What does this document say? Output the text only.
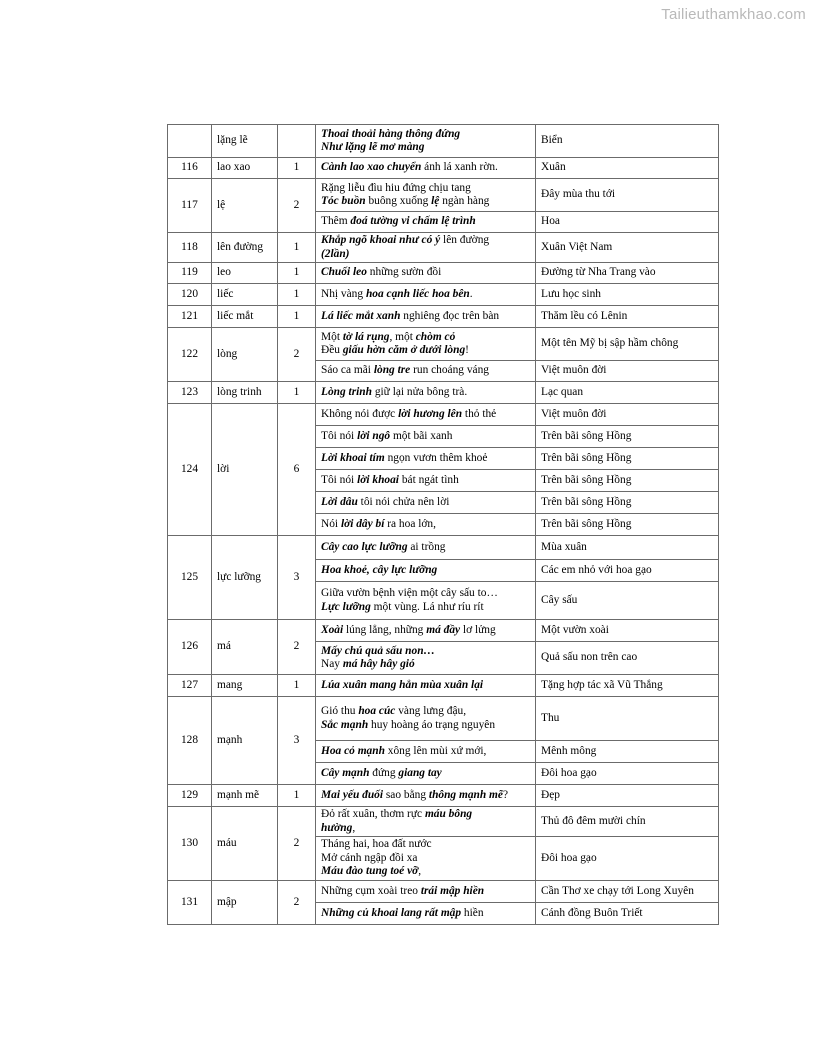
Tailieuthamkhao.com
	lặng lẽ		Thoai thoải hàng thông đứng
Như lặng lẽ mơ màng	Biển
116	lao xao	1	Cành lao xao chuyển ánh lá xanh rờn.	Xuân
117	lệ	2	Rặng liễu đìu hiu đứng chịu tang
Tóc buồn buông xuống lệ ngàn hàng	Đây mùa thu tới

			Thêm đoá tường vi chấm lệ trình	Hoa
118	lên đường	1	Khắp ngõ khoai như có ý lên đường
(2lần)	Xuân Việt Nam
119	leo	1	Chuối leo những sườn đồi	Đường từ Nha Trang vào
120	liếc	1	Nhị vàng hoa cạnh liếc hoa bên.	Lưu học sinh
121	liếc mắt	1	Lá liếc mắt xanh nghiêng đọc trên bàn	Thăm lều có Lênin
122	lòng	2	Một tờ lá rụng, một chòm cỏ
Đều giấu hờn căm ở dưới lòng!	Một tên Mỹ bị sập hầm chông

			Sáo ca mãi lòng tre run choáng váng	Việt muôn đời
123	lòng trinh	1	Lòng trinh giữ lại nửa bông trà.	Lạc quan
124	lời	6	Không nói được lời hương lên thỏ thẻ	Việt muôn đời

			Tôi nói lời ngô một bãi xanh	Trên bãi sông Hồng

			Lời khoai tím ngọn vươn thêm khoẻ	Trên bãi sông Hồng

			Tôi nói lời khoai bát ngát tình	Trên bãi sông Hồng

			Lời dâu tôi nói chửa nên lời	Trên bãi sông Hồng

			Nói lời dây bí ra hoa lớn,	Trên bãi sông Hồng
125	lực lưỡng	3	Cây cao lực lưỡng ai trồng	Mùa xuân

			Hoa khoẻ, cây lực lưỡng	Các em nhỏ với hoa gạo

			Giữa vườn bệnh viện một cây sấu to…
Lực lưỡng một vùng. Lá như ríu rít	Cây sấu
126	má	2	Xoài lúng lẳng, những má đầy lơ lửng	Một vườn xoài

			Mấy chú quả sấu non…
Nay má hây hây gió	Quả sấu non trên cao
127	mang	1	Lúa xuân mang hẳn mùa xuân lại	Tặng hợp tác xã Vũ Thắng
128	mạnh	3	Gió thu hoa cúc vàng lưng đậu,
Sắc mạnh huy hoàng áo trạng nguyên	Thu

			Hoa cỏ mạnh xông lên mùi xứ mới,	Mênh mông

			Cây mạnh đứng giang tay	Đôi hoa gạo
129	mạnh mẽ	1	Mai yếu đuối sao bằng thông mạnh mẽ?	Đẹp
130	máu	2	Đỏ rất xuân, thơm rực máu bông
hường,	Thủ đô đêm mười chín

			Tháng hai, hoa đất nước
Mở cánh ngập đồi xa
Máu đào tung toé vỡ,	Đôi hoa gạo
131	mập	2	Những cụm xoài treo trái mập hiền	Cần Thơ xe chạy tới Long Xuyên

			Những củ khoai lang rất mập hiền	Cánh đồng Buôn Triết
